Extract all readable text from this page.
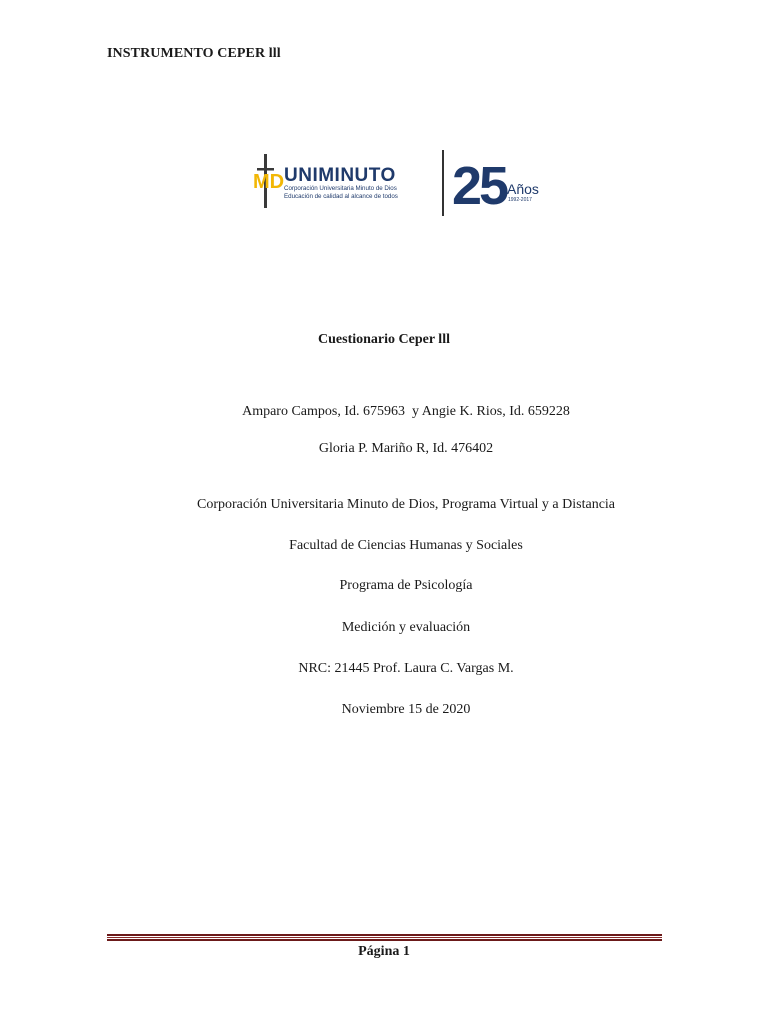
INSTRUMENTO CEPER lll
MD UNIMINUTO
Corporación Universitaria Minuto de Dios
Educación de calidad al alcance de todos 25 Años
1992-2017
Cuestionario Ceper lll
Amparo Campos, Id. 675963  y Angie K. Rios, Id. 659228
Gloria P. Mariño R, Id. 476402
Corporación Universitaria Minuto de Dios, Programa Virtual y a Distancia
Facultad de Ciencias Humanas y Sociales
Programa de Psicología
Medición y evaluación
NRC: 21445 Prof. Laura C. Vargas M.
Noviembre 15 de 2020
Página 1
